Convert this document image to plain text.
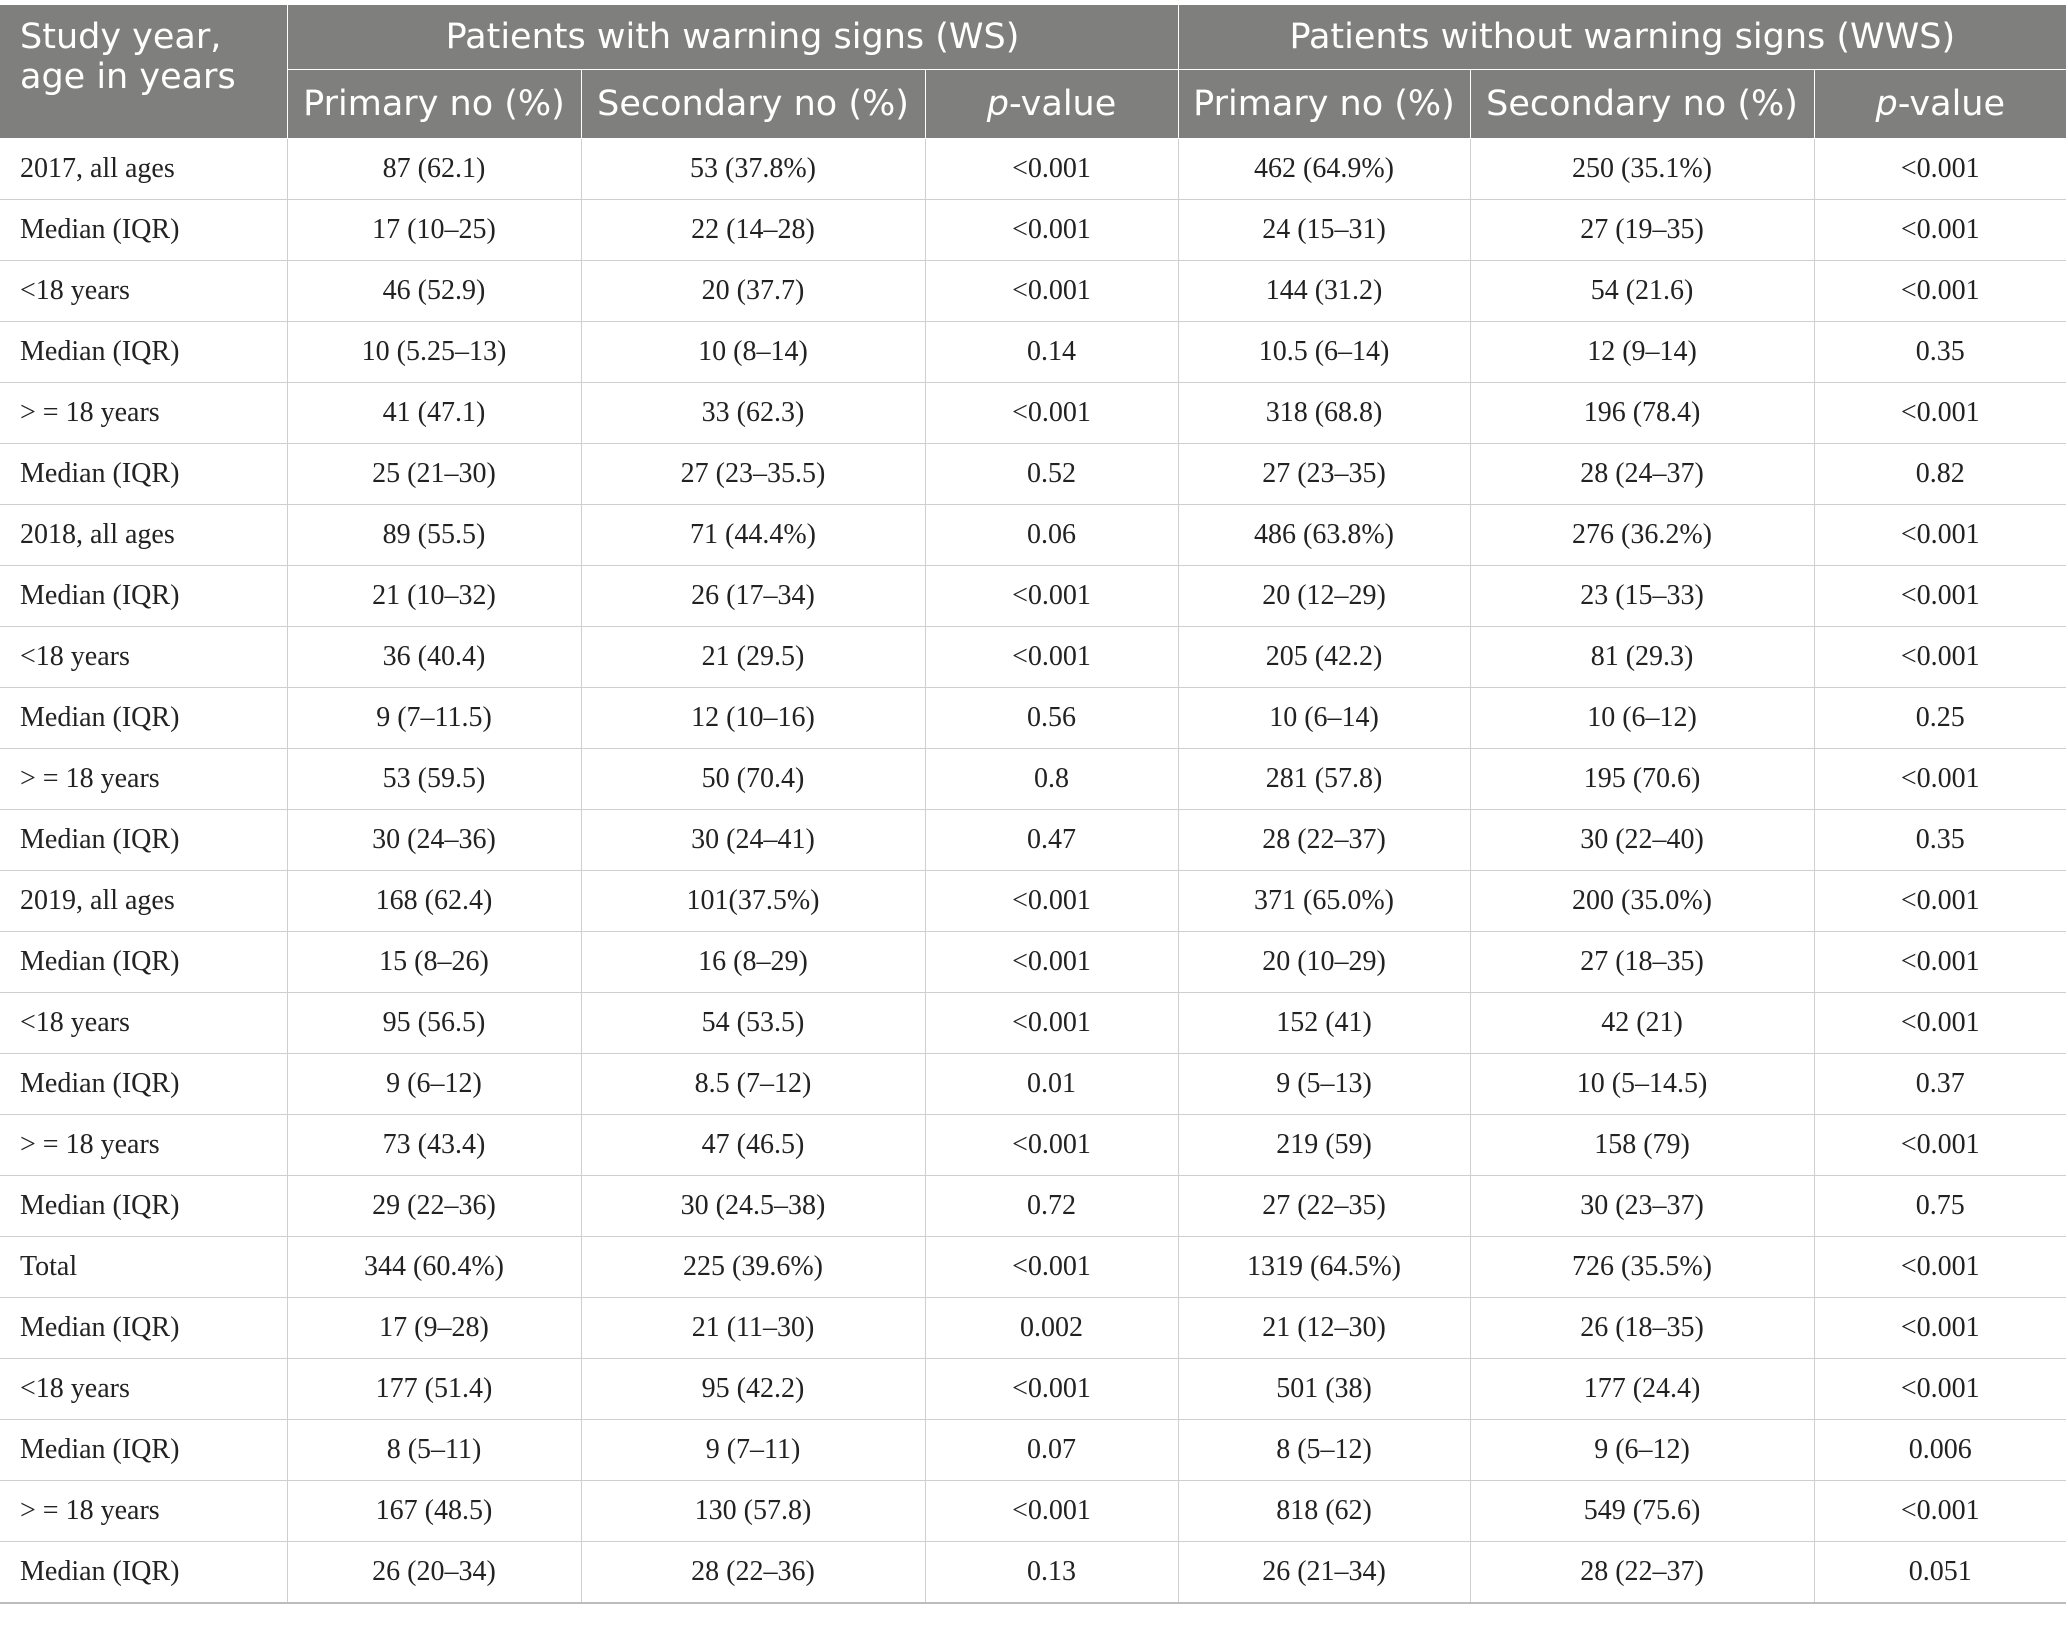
Study year,
age in years	Patients with warning signs (WS)			Patients without warning signs (WWS)		
	Primary no (%)	Secondary no (%)	p-value	Primary no (%)	Secondary no (%)	p-value
2017, all ages	87 (62.1)	53 (37.8%)	<0.001	462 (64.9%)	250 (35.1%)	<0.001
Median (IQR)	17 (10–25)	22 (14–28)	<0.001	24 (15–31)	27 (19–35)	<0.001
<18 years	46 (52.9)	20 (37.7)	<0.001	144 (31.2)	54 (21.6)	<0.001
Median (IQR)	10 (5.25–13)	10 (8–14)	0.14	10.5 (6–14)	12 (9–14)	0.35
> = 18 years	41 (47.1)	33 (62.3)	<0.001	318 (68.8)	196 (78.4)	<0.001
Median (IQR)	25 (21–30)	27 (23–35.5)	0.52	27 (23–35)	28 (24–37)	0.82
2018, all ages	89 (55.5)	71 (44.4%)	0.06	486 (63.8%)	276 (36.2%)	<0.001
Median (IQR)	21 (10–32)	26 (17–34)	<0.001	20 (12–29)	23 (15–33)	<0.001
<18 years	36 (40.4)	21 (29.5)	<0.001	205 (42.2)	81 (29.3)	<0.001
Median (IQR)	9 (7–11.5)	12 (10–16)	0.56	10 (6–14)	10 (6–12)	0.25
> = 18 years	53 (59.5)	50 (70.4)	0.8	281 (57.8)	195 (70.6)	<0.001
Median (IQR)	30 (24–36)	30 (24–41)	0.47	28 (22–37)	30 (22–40)	0.35
2019, all ages	168 (62.4)	101(37.5%)	<0.001	371 (65.0%)	200 (35.0%)	<0.001
Median (IQR)	15 (8–26)	16 (8–29)	<0.001	20 (10–29)	27 (18–35)	<0.001
<18 years	95 (56.5)	54 (53.5)	<0.001	152 (41)	42 (21)	<0.001
Median (IQR)	9 (6–12)	8.5 (7–12)	0.01	9 (5–13)	10 (5–14.5)	0.37
> = 18 years	73 (43.4)	47 (46.5)	<0.001	219 (59)	158 (79)	<0.001
Median (IQR)	29 (22–36)	30 (24.5–38)	0.72	27 (22–35)	30 (23–37)	0.75
Total	344 (60.4%)	225 (39.6%)	<0.001	1319 (64.5%)	726 (35.5%)	<0.001
Median (IQR)	17 (9–28)	21 (11–30)	0.002	21 (12–30)	26 (18–35)	<0.001
<18 years	177 (51.4)	95 (42.2)	<0.001	501 (38)	177 (24.4)	<0.001
Median (IQR)	8 (5–11)	9 (7–11)	0.07	8 (5–12)	9 (6–12)	0.006
> = 18 years	167 (48.5)	130 (57.8)	<0.001	818 (62)	549 (75.6)	<0.001
Median (IQR)	26 (20–34)	28 (22–36)	0.13	26 (21–34)	28 (22–37)	0.051
